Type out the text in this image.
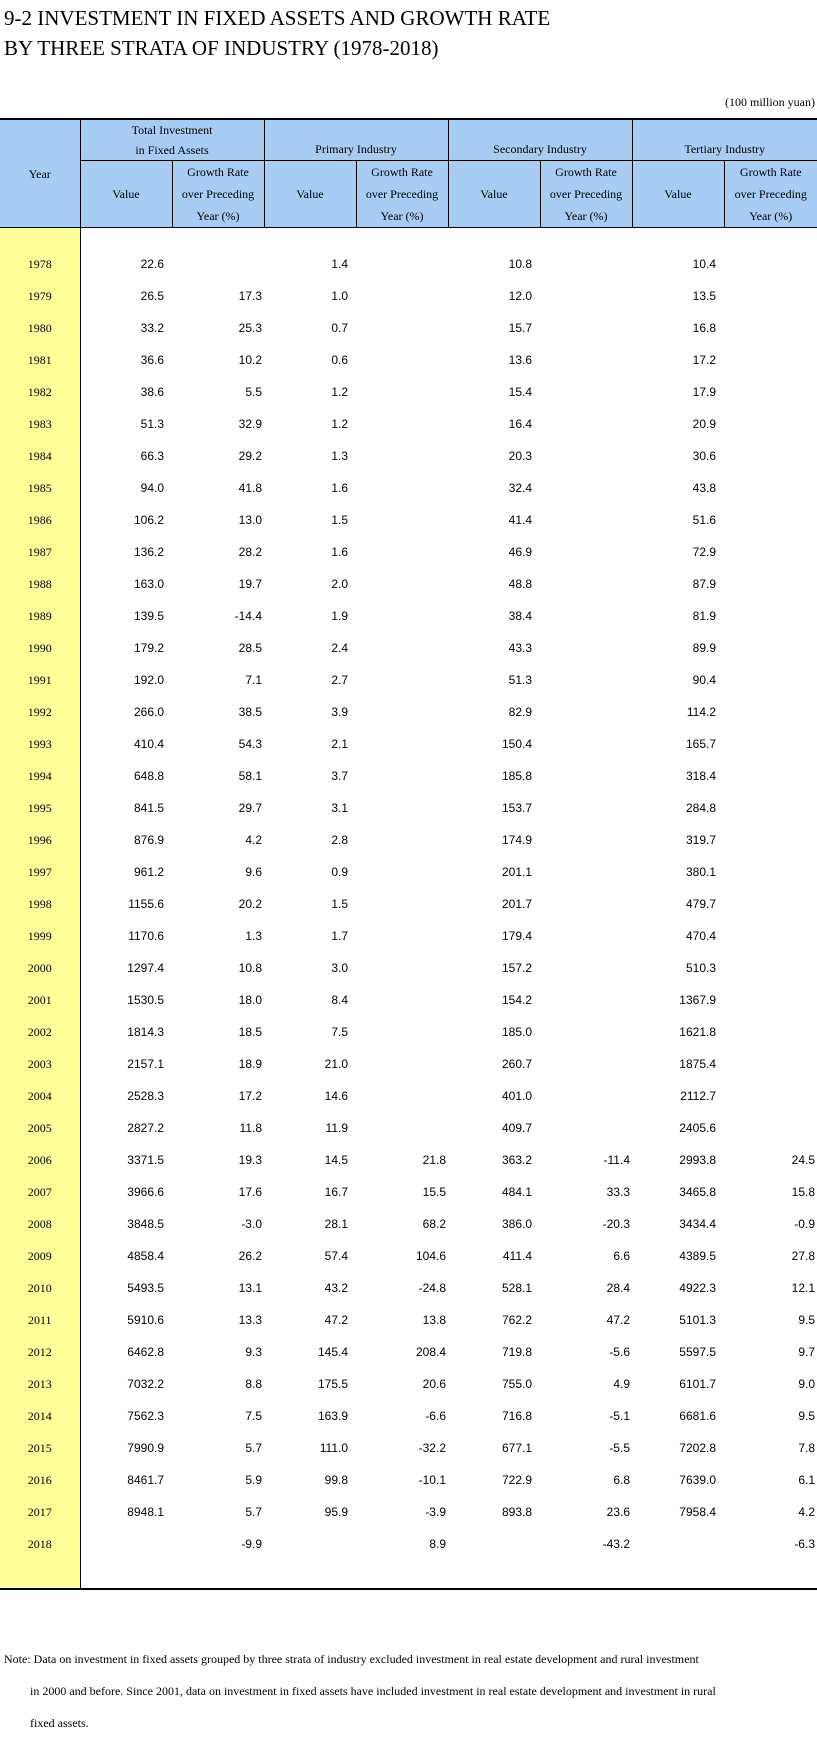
9-2 INVESTMENT IN FIXED ASSETS AND GROWTH RATE
BY THREE STRATA OF INDUSTRY (1978-2018)
(100 million yuan)
Year	Total Investment
in Fixed Assets		Primary Industry		Secondary Industry		Tertiary Industry	
	Value	Growth Rate
over Preceding
Year (%)	Value	Growth Rate
over Preceding
Year (%)	Value	Growth Rate
over Preceding
Year (%)	Value	Growth Rate
over Preceding
Year (%)

1978	22.6		1.4		10.8		10.4	
1979	26.5	17.3	1.0		12.0		13.5	
1980	33.2	25.3	0.7		15.7		16.8	
1981	36.6	10.2	0.6		13.6		17.2	
1982	38.6	5.5	1.2		15.4		17.9	
1983	51.3	32.9	1.2		16.4		20.9	
1984	66.3	29.2	1.3		20.3		30.6	
1985	94.0	41.8	1.6		32.4		43.8	
1986	106.2	13.0	1.5		41.4		51.6	
1987	136.2	28.2	1.6		46.9		72.9	
1988	163.0	19.7	2.0		48.8		87.9	
1989	139.5	-14.4	1.9		38.4		81.9	
1990	179.2	28.5	2.4		43.3		89.9	
1991	192.0	7.1	2.7		51.3		90.4	
1992	266.0	38.5	3.9		82.9		114.2	
1993	410.4	54.3	2.1		150.4		165.7	
1994	648.8	58.1	3.7		185.8		318.4	
1995	841.5	29.7	3.1		153.7		284.8	
1996	876.9	4.2	2.8		174.9		319.7	
1997	961.2	9.6	0.9		201.1		380.1	
1998	1155.6	20.2	1.5		201.7		479.7	
1999	1170.6	1.3	1.7		179.4		470.4	
2000	1297.4	10.8	3.0		157.2		510.3	
2001	1530.5	18.0	8.4		154.2		1367.9	
2002	1814.3	18.5	7.5		185.0		1621.8	
2003	2157.1	18.9	21.0		260.7		1875.4	
2004	2528.3	17.2	14.6		401.0		2112.7	
2005	2827.2	11.8	11.9		409.7		2405.6	
2006	3371.5	19.3	14.5	21.8	363.2	-11.4	2993.8	24.5
2007	3966.6	17.6	16.7	15.5	484.1	33.3	3465.8	15.8
2008	3848.5	-3.0	28.1	68.2	386.0	-20.3	3434.4	-0.9
2009	4858.4	26.2	57.4	104.6	411.4	6.6	4389.5	27.8
2010	5493.5	13.1	43.2	-24.8	528.1	28.4	4922.3	12.1
2011	5910.6	13.3	47.2	13.8	762.2	47.2	5101.3	9.5
2012	6462.8	9.3	145.4	208.4	719.8	-5.6	5597.5	9.7
2013	7032.2	8.8	175.5	20.6	755.0	4.9	6101.7	9.0
2014	7562.3	7.5	163.9	-6.6	716.8	-5.1	6681.6	9.5
2015	7990.9	5.7	111.0	-32.2	677.1	-5.5	7202.8	7.8
2016	8461.7	5.9	99.8	-10.1	722.9	6.8	7639.0	6.1
2017	8948.1	5.7	95.9	-3.9	893.8	23.6	7958.4	4.2
2018		-9.9		8.9		-43.2		-6.3

Note: Data on investment in fixed assets grouped by three strata of industry excluded investment in real estate development and rural investment
in 2000 and before. Since 2001, data on investment in fixed assets have included investment in real estate development and investment in rural
fixed assets.
